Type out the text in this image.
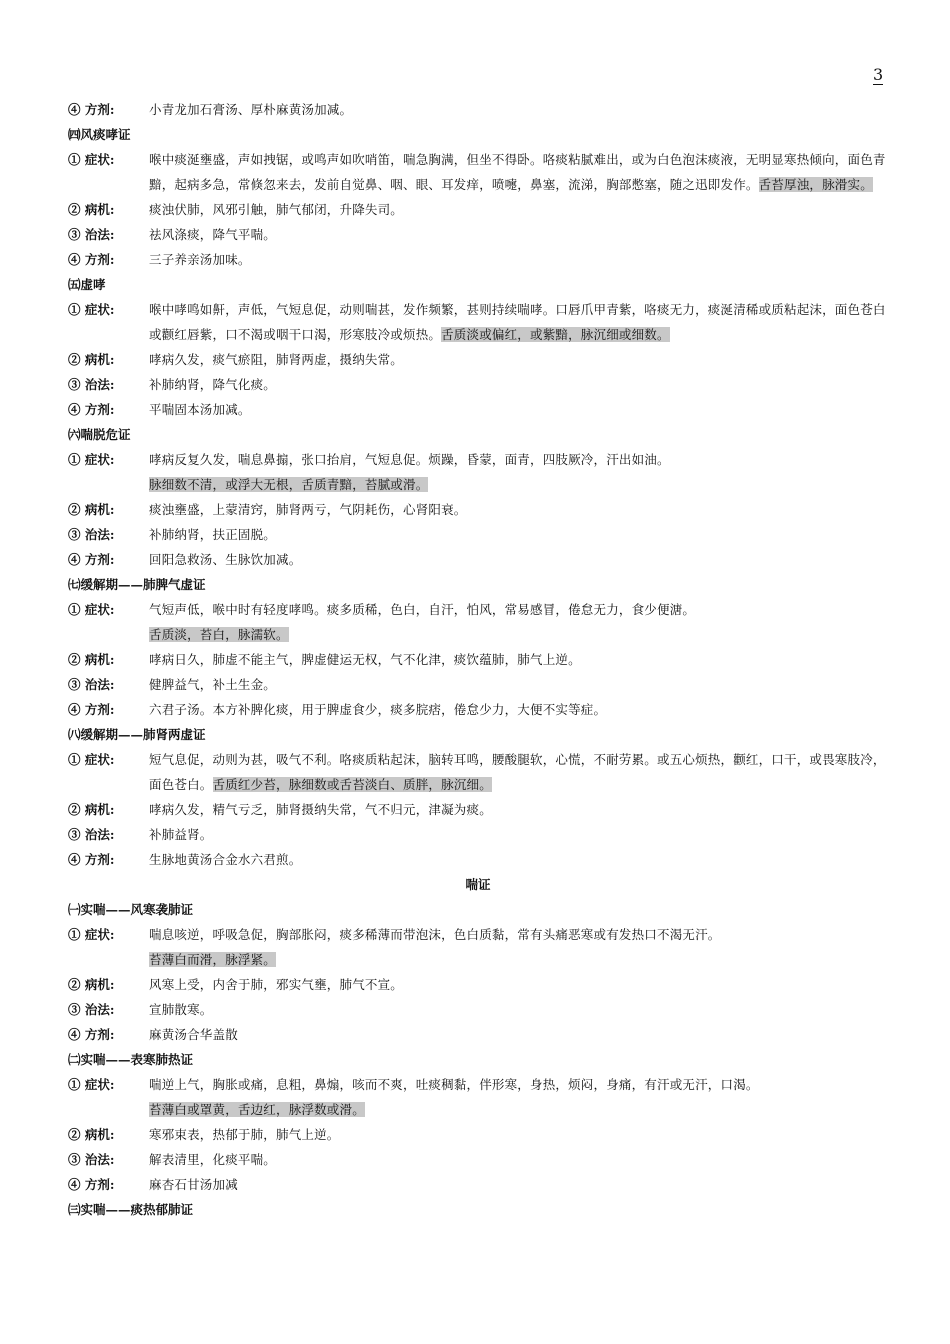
3
④ 方剂:	小青龙加石膏汤、厚朴麻黄汤加减。
㈣风痰哮证
① 症状:	喉中痰涎壅盛，声如拽锯，或鸣声如吹哨笛，喘急胸满，但坐不得卧。咯痰粘腻难出，或为白色泡沫痰液，无明显寒热倾向，面色青黯，起病多急，常倏忽来去，发前自觉鼻、咽、眼、耳发痒，喷嚏，鼻塞，流涕，胸部憋塞，随之迅即发作。舌苔厚浊，脉滑实。
② 病机:	痰浊伏肺，风邪引触，肺气郁闭，升降失司。
③ 治法:	祛风涤痰，降气平喘。
④ 方剂:	三子养亲汤加味。
㈤虚哮
① 症状:	喉中哮鸣如鼾，声低，气短息促，动则喘甚，发作频繁，甚则持续喘哮。口唇爪甲青紫，咯痰无力，痰涎清稀或质粘起沫，面色苍白或颧红唇紫，口不渴或咽干口渴，形寒肢冷或烦热。舌质淡或偏红，或紫黯，脉沉细或细数。
② 病机:	哮病久发，痰气瘀阻，肺肾两虚，摄纳失常。
③ 治法:	补肺纳肾，降气化痰。
④ 方剂:	平喘固本汤加减。
㈥喘脱危证
① 症状:	哮病反复久发，喘息鼻搧，张口抬肩，气短息促。烦躁，昏蒙，面青，四肢厥冷，汗出如油。
脉细数不清，或浮大无根，舌质青黯，苔腻或滑。
② 病机:	痰浊壅盛，上蒙清窍，肺肾两亏，气阴耗伤，心肾阳衰。
③ 治法:	补肺纳肾，扶正固脱。
④ 方剂:	回阳急救汤、生脉饮加减。
㈦缓解期——肺脾气虚证
① 症状:	气短声低，喉中时有轻度哮鸣。痰多质稀，色白，自汗，怕风，常易感冒，倦怠无力，食少便溏。
舌质淡，苔白，脉濡软。
② 病机:	哮病日久，肺虚不能主气，脾虚健运无权，气不化津，痰饮蕴肺，肺气上逆。
③ 治法:	健脾益气，补土生金。
④ 方剂:	六君子汤。本方补脾化痰，用于脾虚食少，痰多脘痞，倦怠少力，大便不实等症。
㈧缓解期——肺肾两虚证
① 症状:	短气息促，动则为甚，吸气不利。咯痰质粘起沫，脑转耳鸣，腰酸腿软，心慌，不耐劳累。或五心烦热，颧红，口干，或畏寒肢冷，面色苍白。舌质红少苔，脉细数或舌苔淡白、质胖，脉沉细。
② 病机:	哮病久发，精气亏乏，肺肾摄纳失常，气不归元，津凝为痰。
③ 治法:	补肺益肾。
④ 方剂:	生脉地黄汤合金水六君煎。
喘证
㈠实喘——风寒袭肺证
① 症状:	喘息咳逆，呼吸急促，胸部胀闷，痰多稀薄而带泡沫，色白质黏，常有头痛恶寒或有发热口不渴无汗。
苔薄白而滑，脉浮紧。
② 病机:	风寒上受，内舍于肺，邪实气壅，肺气不宣。
③ 治法:	宣肺散寒。
④ 方剂:	麻黄汤合华盖散
㈡实喘——表寒肺热证
① 症状:	喘逆上气，胸胀或痛，息粗，鼻煽，咳而不爽，吐痰稠黏，伴形寒，身热，烦闷，身痛，有汗或无汗，口渴。
苔薄白或罩黄，舌边红，脉浮数或滑。
② 病机:	寒邪束表，热郁于肺，肺气上逆。
③ 治法:	解表清里，化痰平喘。
④ 方剂:	麻杏石甘汤加减
㈢实喘——痰热郁肺证
